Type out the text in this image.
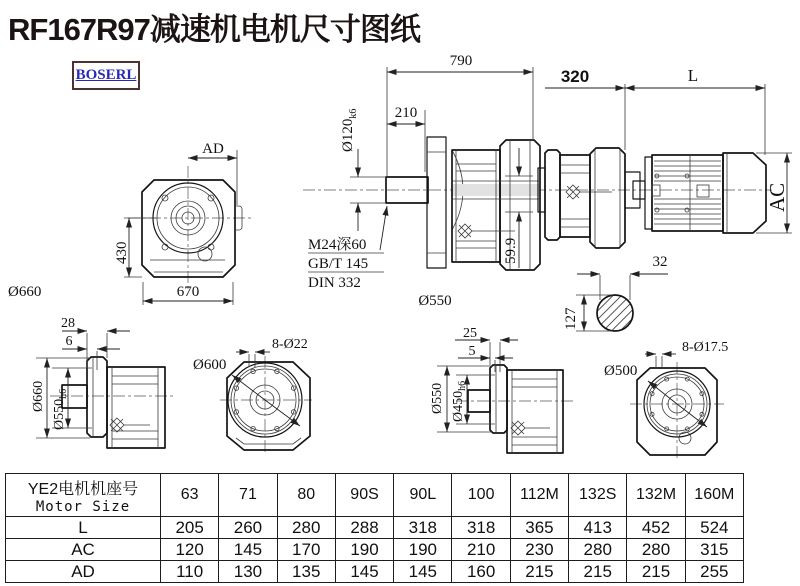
RF167R97减速机电机尺寸图纸
BOSERL
AD
430
670
Ø660
790
210
$Ø120_{k6}$
320	L
M24深60
GB/T 145
DIN 332
59.9
Ø550
AC
32
127
28
6
Ø660
$Ø550_{h6}$
Ø600
8-Ø22
25
5
Ø550 $Ø450_{h6}$
Ø500
8-Ø17.5
YE2电机机座号
Motor Size	63	71	80	90S	90L	100	112M	132S	132M	160M
L	205	260	280	288	318	318	365	413	452	524
AC	120	145	170	190	190	210	230	280	280	315
AD	110	130	135	145	145	160	215	215	215	255
